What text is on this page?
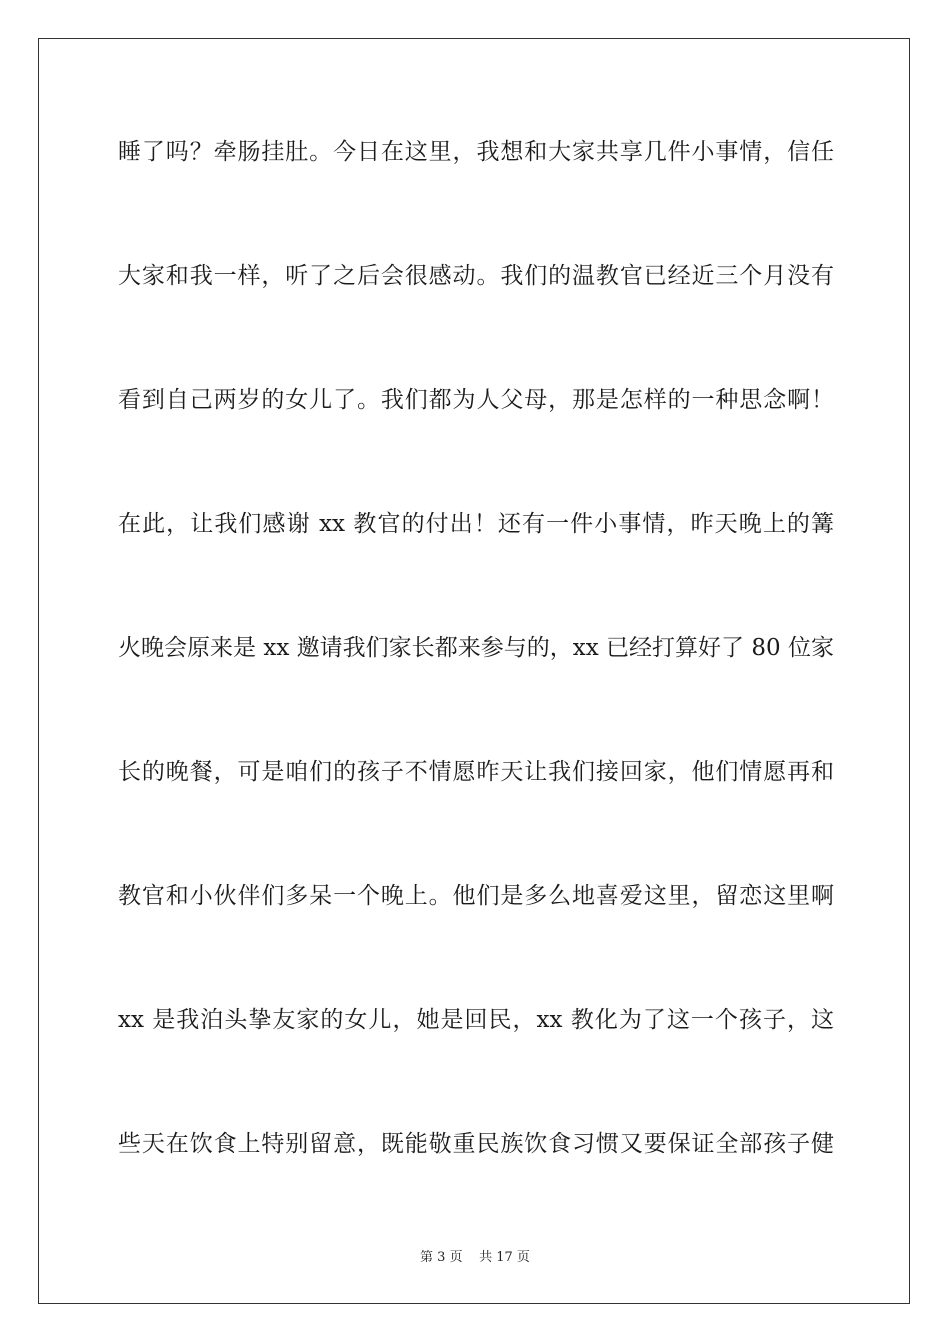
睡了吗？牵肠挂肚。今日在这里，我想和大家共享几件小事情，信任
大家和我一样，听了之后会很感动。我们的温教官已经近三个月没有
看到自己两岁的女儿了。我们都为人父母，那是怎样的一种思念啊！
在此，让我们感谢 xx 教官的付出！还有一件小事情，昨天晚上的篝
火晚会原来是 xx 邀请我们家长都来参与的，xx 已经打算好了 80 位家
长的晚餐，可是咱们的孩子不情愿昨天让我们接回家，他们情愿再和
教官和小伙伴们多呆一个晚上。他们是多么地喜爱这里，留恋这里啊
xx 是我泊头挚友家的女儿，她是回民，xx 教化为了这一个孩子，这
些天在饮食上特别留意，既能敬重民族饮食习惯又要保证全部孩子健
第 3 页 共 17 页
